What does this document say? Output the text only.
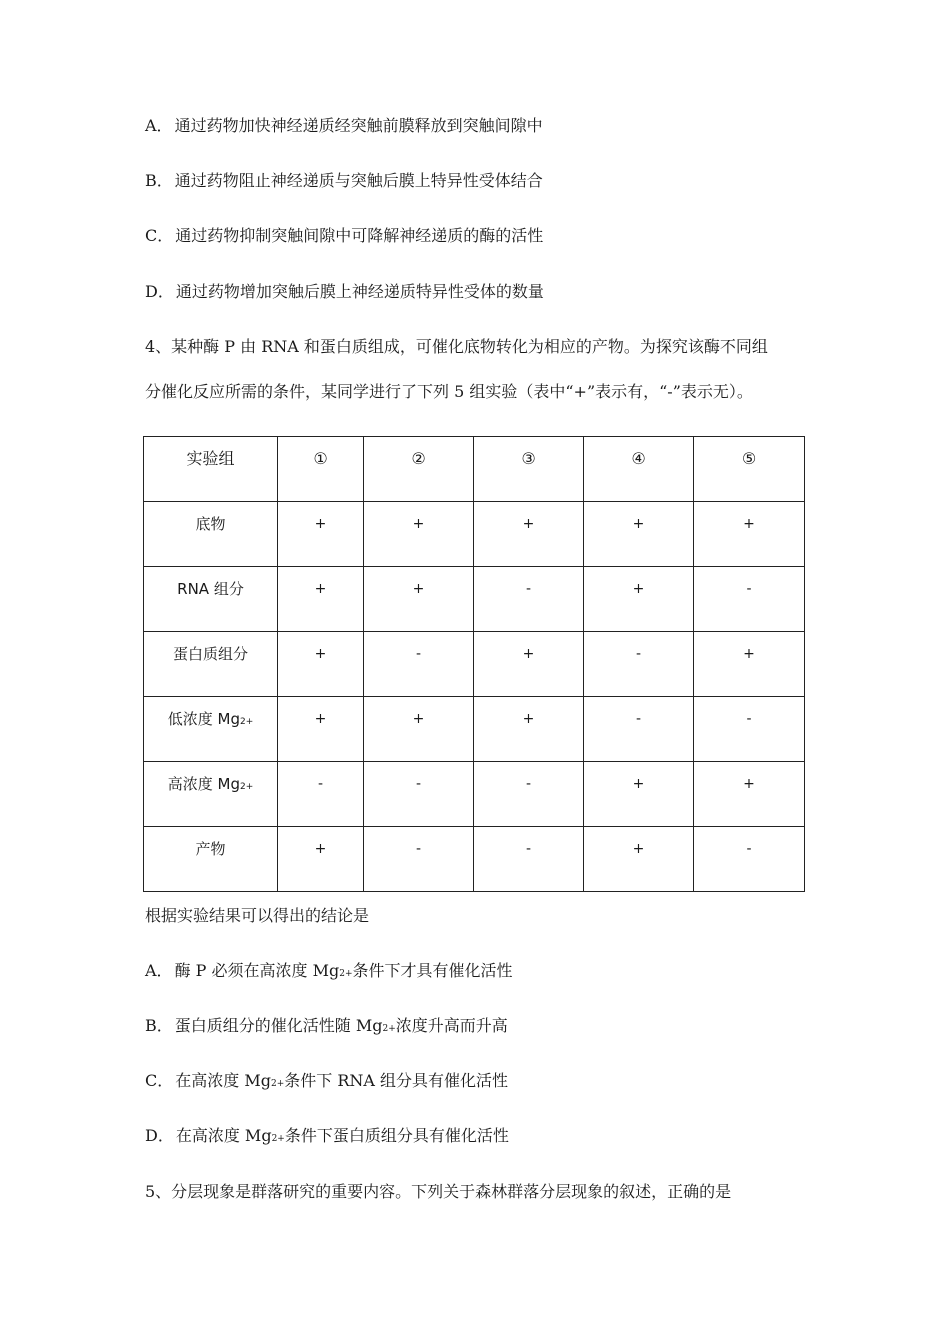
A． 通过药物加快神经递质经突触前膜释放到突触间隙中
B． 通过药物阻止神经递质与突触后膜上特异性受体结合
C． 通过药物抑制突触间隙中可降解神经递质的酶的活性
D． 通过药物增加突触后膜上神经递质特异性受体的数量
4、某种酶 P 由 RNA 和蛋白质组成，可催化底物转化为相应的产物。为探究该酶不同组
分催化反应所需的条件，某同学进行了下列 5 组实验（表中“+”表示有，“-”表示无）。
实验组	①	②	③	④	⑤

底物	+	+	+	+	+

RNA 组分	+	+	-	+	-

蛋白质组分	+	-	+	-	+

低浓度 Mg2+	+	+	+	-	-

高浓度 Mg2+	-	-	-	+	+

产物	+	-	-	+	-
根据实验结果可以得出的结论是
A． 酶 P 必须在高浓度 Mg2+条件下才具有催化活性
B． 蛋白质组分的催化活性随 Mg2+浓度升高而升高
C． 在高浓度 Mg2+条件下 RNA 组分具有催化活性
D． 在高浓度 Mg2+条件下蛋白质组分具有催化活性
5、分层现象是群落研究的重要内容。下列关于森林群落分层现象的叙述，正确的是
